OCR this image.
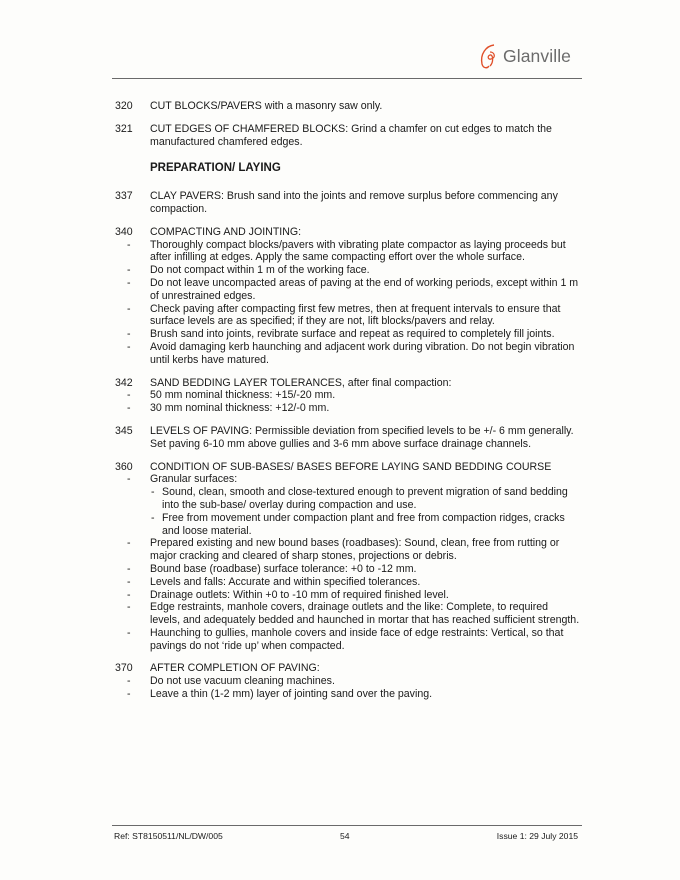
Glanville
320 CUT BLOCKS/PAVERS with a masonry saw only.
321 CUT EDGES OF CHAMFERED BLOCKS: Grind a chamfer on cut edges to match the manufactured chamfered edges.
PREPARATION/ LAYING
337 CLAY PAVERS: Brush sand into the joints and remove surplus before commencing any compaction.
340 COMPACTING AND JOINTING:
- Thoroughly compact blocks/pavers with vibrating plate compactor as laying proceeds but after infilling at edges. Apply the same compacting effort over the whole surface.
- Do not compact within 1 m of the working face.
- Do not leave uncompacted areas of paving at the end of working periods, except within 1 m of unrestrained edges.
- Check paving after compacting first few metres, then at frequent intervals to ensure that surface levels are as specified; if they are not, lift blocks/pavers and relay.
- Brush sand into joints, revibrate surface and repeat as required to completely fill joints.
- Avoid damaging kerb haunching and adjacent work during vibration. Do not begin vibration until kerbs have matured.
342 SAND BEDDING LAYER TOLERANCES, after final compaction:
- 50 mm nominal thickness: +15/-20 mm.
- 30 mm nominal thickness: +12/-0 mm.
345 LEVELS OF PAVING: Permissible deviation from specified levels to be +/- 6 mm generally. Set paving 6-10 mm above gullies and 3-6 mm above surface drainage channels.
360 CONDITION OF SUB-BASES/ BASES BEFORE LAYING SAND BEDDING COURSE
- Granular surfaces:
- Sound, clean, smooth and close-textured enough to prevent migration of sand bedding into the sub-base/ overlay during compaction and use.
- Free from movement under compaction plant and free from compaction ridges, cracks and loose material.
- Prepared existing and new bound bases (roadbases): Sound, clean, free from rutting or major cracking and cleared of sharp stones, projections or debris.
- Bound base (roadbase) surface tolerance: +0 to -12 mm.
- Levels and falls: Accurate and within specified tolerances.
- Drainage outlets: Within +0 to -10 mm of required finished level.
- Edge restraints, manhole covers, drainage outlets and the like: Complete, to required levels, and adequately bedded and haunched in mortar that has reached sufficient strength.
- Haunching to gullies, manhole covers and inside face of edge restraints: Vertical, so that pavings do not ‘ride up’ when compacted.
370 AFTER COMPLETION OF PAVING:
- Do not use vacuum cleaning machines.
- Leave a thin (1-2 mm) layer of jointing sand over the paving.
Ref: ST8150511/NL/DW/005	54	Issue 1: 29 July 2015
